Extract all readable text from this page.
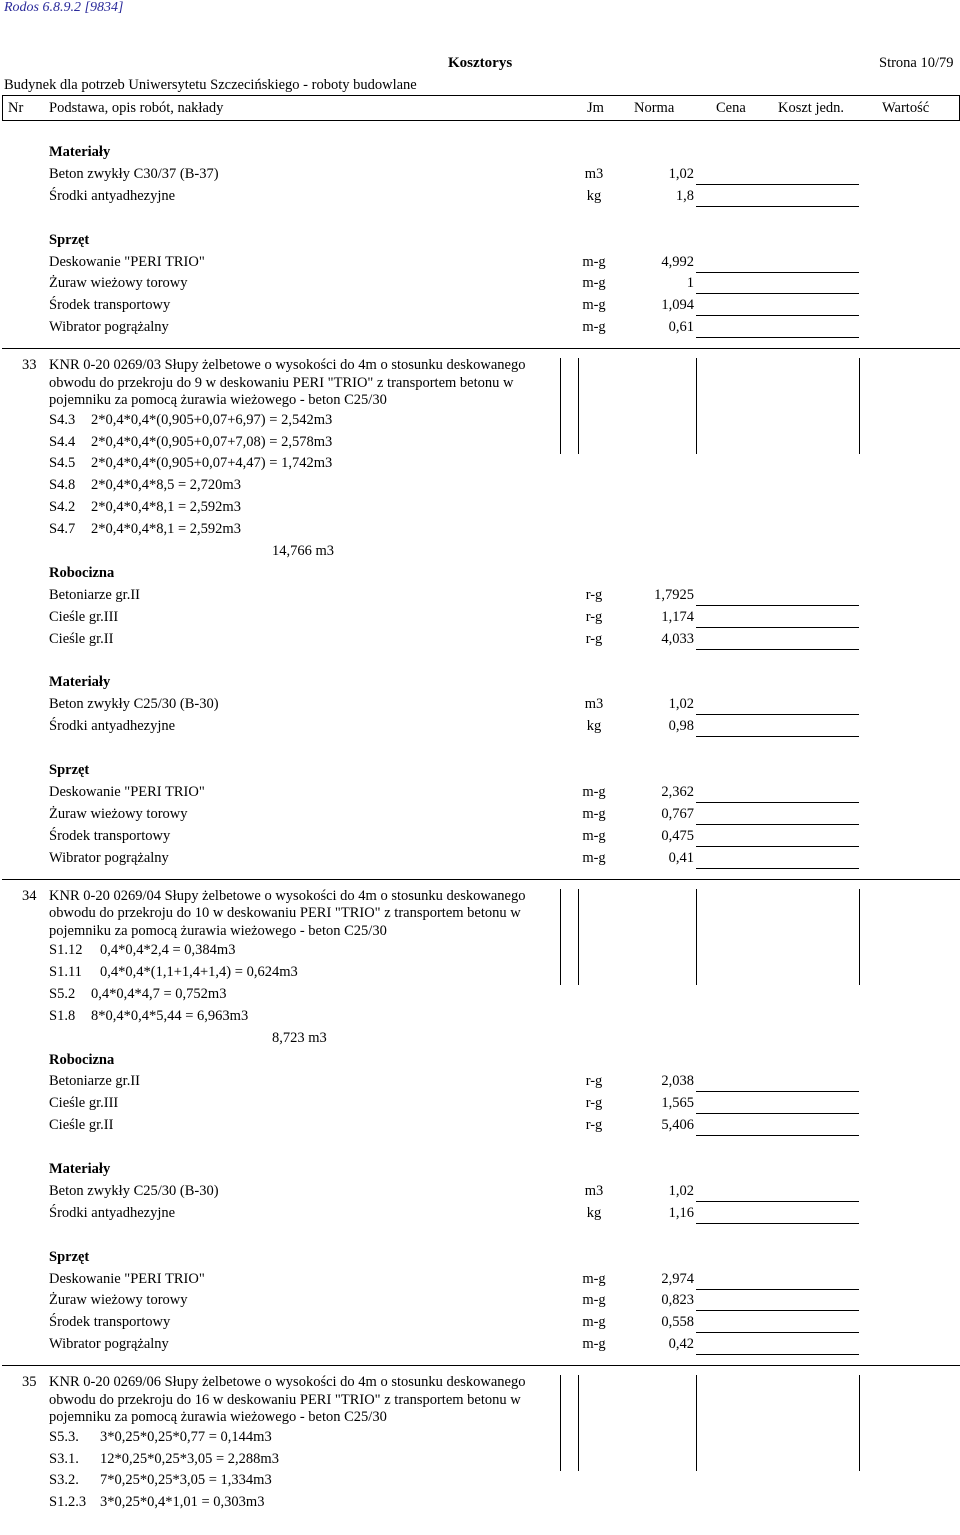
Rodos 6.8.9.2 [9834]
Kosztorys	Strona 10/79
Budynek dla potrzeb Uniwersytetu Szczecińskiego - roboty budowlane
Nr Podstawa, opis robót, nakłady	Jm Norma	Cena Koszt jedn.	Wartość
Materiały
Beton zwykły C30/37 (B-37)	m3	1,02
Środki antyadhezyjne	kg	1,8
Sprzęt
Deskowanie "PERI TRIO"	m-g	4,992
Żuraw wieżowy torowy	m-g	1
Środek transportowy	m-g	1,094
Wibrator pogrążalny	m-g	0,61
33 KNR 0-20 0269/03 Słupy żelbetowe o wysokości do 4m o stosunku deskowanego
obwodu do przekroju do 9 w deskowaniu PERI "TRIO" z transportem betonu w
pojemniku za pomocą żurawia wieżowego - beton C25/30
S4.3 2*0,4*0,4*(0,905+0,07+6,97) = 2,542m3
S4.4 2*0,4*0,4*(0,905+0,07+7,08) = 2,578m3
S4.5 2*0,4*0,4*(0,905+0,07+4,47) = 1,742m3
S4.8 2*0,4*0,4*8,5 = 2,720m3
S4.2 2*0,4*0,4*8,1 = 2,592m3
S4.7 2*0,4*0,4*8,1 = 2,592m3
14,766 m3
Robocizna
Betoniarze gr.II	r-g	1,7925
Cieśle gr.III	r-g	1,174
Cieśle gr.II	r-g	4,033
Materiały
Beton zwykły C25/30 (B-30)	m3	1,02
Środki antyadhezyjne	kg	0,98
Sprzęt
Deskowanie "PERI TRIO"	m-g	2,362
Żuraw wieżowy torowy	m-g	0,767
Środek transportowy	m-g	0,475
Wibrator pogrążalny	m-g	0,41
34 KNR 0-20 0269/04 Słupy żelbetowe o wysokości do 4m o stosunku deskowanego
obwodu do przekroju do 10 w deskowaniu PERI "TRIO" z transportem betonu w
pojemniku za pomocą żurawia wieżowego - beton C25/30
S1.12 0,4*0,4*2,4 = 0,384m3
S1.11 0,4*0,4*(1,1+1,4+1,4) = 0,624m3
S5.2 0,4*0,4*4,7 = 0,752m3
S1.8 8*0,4*0,4*5,44 = 6,963m3
8,723 m3
Robocizna
Betoniarze gr.II	r-g	2,038
Cieśle gr.III	r-g	1,565
Cieśle gr.II	r-g	5,406
Materiały
Beton zwykły C25/30 (B-30)	m3	1,02
Środki antyadhezyjne	kg	1,16
Sprzęt
Deskowanie "PERI TRIO"	m-g	2,974
Żuraw wieżowy torowy	m-g	0,823
Środek transportowy	m-g	0,558
Wibrator pogrążalny	m-g	0,42
35 KNR 0-20 0269/06 Słupy żelbetowe o wysokości do 4m o stosunku deskowanego
obwodu do przekroju do 16 w deskowaniu PERI "TRIO" z transportem betonu w
pojemniku za pomocą żurawia wieżowego - beton C25/30
S5.3. 3*0,25*0,25*0,77 = 0,144m3
S3.1. 12*0,25*0,25*3,05 = 2,288m3
S3.2. 7*0,25*0,25*3,05 = 1,334m3
S1.2.3 3*0,25*0,4*1,01 = 0,303m3
